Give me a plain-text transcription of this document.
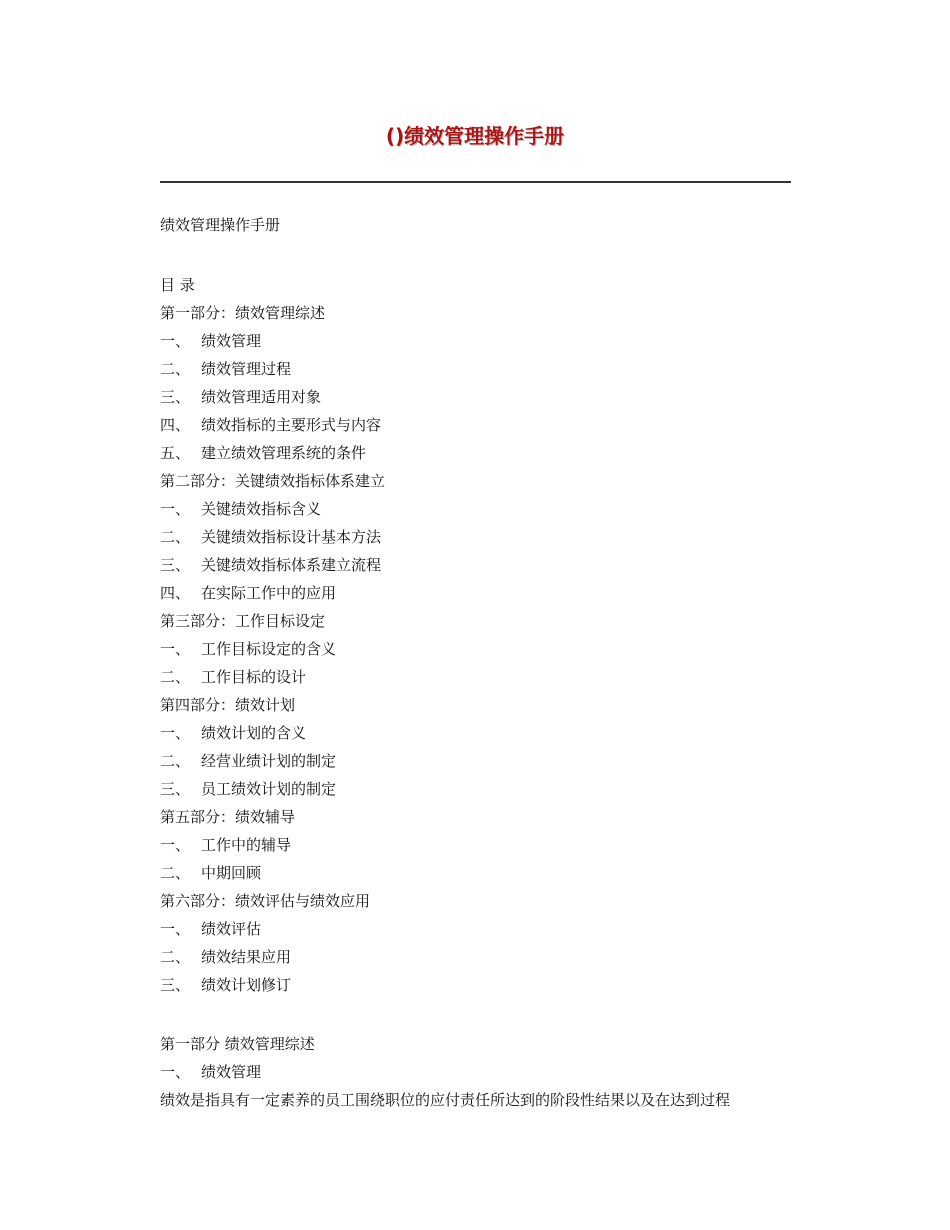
()绩效管理操作手册
绩效管理操作手册
目 录
第一部分：绩效管理综述
一、 绩效管理
二、 绩效管理过程
三、 绩效管理适用对象
四、 绩效指标的主要形式与内容
五、 建立绩效管理系统的条件
第二部分：关键绩效指标体系建立
一、 关键绩效指标含义
二、 关键绩效指标设计基本方法
三、 关键绩效指标体系建立流程
四、 在实际工作中的应用
第三部分：工作目标设定
一、 工作目标设定的含义
二、 工作目标的设计
第四部分：绩效计划
一、 绩效计划的含义
二、 经营业绩计划的制定
三、 员工绩效计划的制定
第五部分：绩效辅导
一、 工作中的辅导
二、 中期回顾
第六部分：绩效评估与绩效应用
一、 绩效评估
二、 绩效结果应用
三、 绩效计划修订
第一部分 绩效管理综述
一、 绩效管理
绩效是指具有一定素养的员工围绕职位的应付责任所达到的阶段性结果以及在达到过程
